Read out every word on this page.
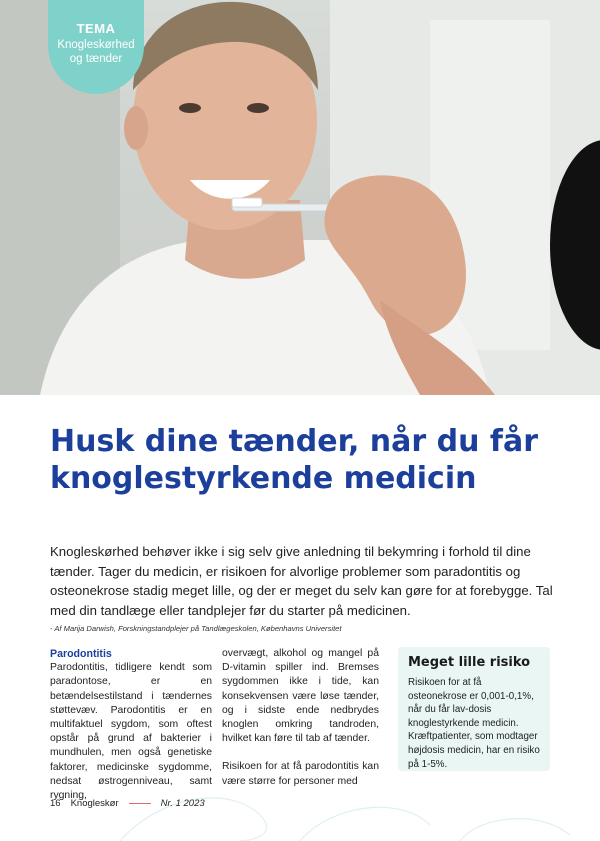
TEMA
Knogleskørhed og tænder
Husk dine tænder, når du får knoglestyrkende medicin

Knogleskørhed behøver ikke i sig selv give anledning til bekymring i forhold til dine tænder. Tager du medicin, er risikoen for alvorlige problemer som paradontitis og osteonekrose stadig meget lille, og der er meget du selv kan gøre for at forebygge. Tal med din tandlæge eller tandplejer før du starter på medicinen.

- Af Marija Darwish, Forskningstandplejer på Tandlægeskolen, Københavns Universitet
Parodontitis

Parodontitis, tidligere kendt som paradontose, er en betændelsestilstand i tændernes støttevæv. Parodontitis er en multifaktuel sygdom, som oftest opstår på grund af bakterier i mundhulen, men også genetiske faktorer, medicinske sygdomme, nedsat østrogenniveau, samt rygning,

overvægt, alkohol og mangel på D-vitamin spiller ind. Bremses sygdommen ikke i tide, kan konsekvensen være løse tænder, og i sidste ende nedbrydes knoglen omkring tandroden, hvilket kan føre til tab af tænder.

Risikoen for at få parodontitis kan være større for personer med

Meget lille risiko

Risikoen for at få osteonekrose er 0,001-0,1%, når du får lav-dosis knoglestyrkende medicin. Kræftpatienter, som modtager højdosis medicin, har en risiko på 1-5%.

16 Knogleskør	Nr. 1 2023
